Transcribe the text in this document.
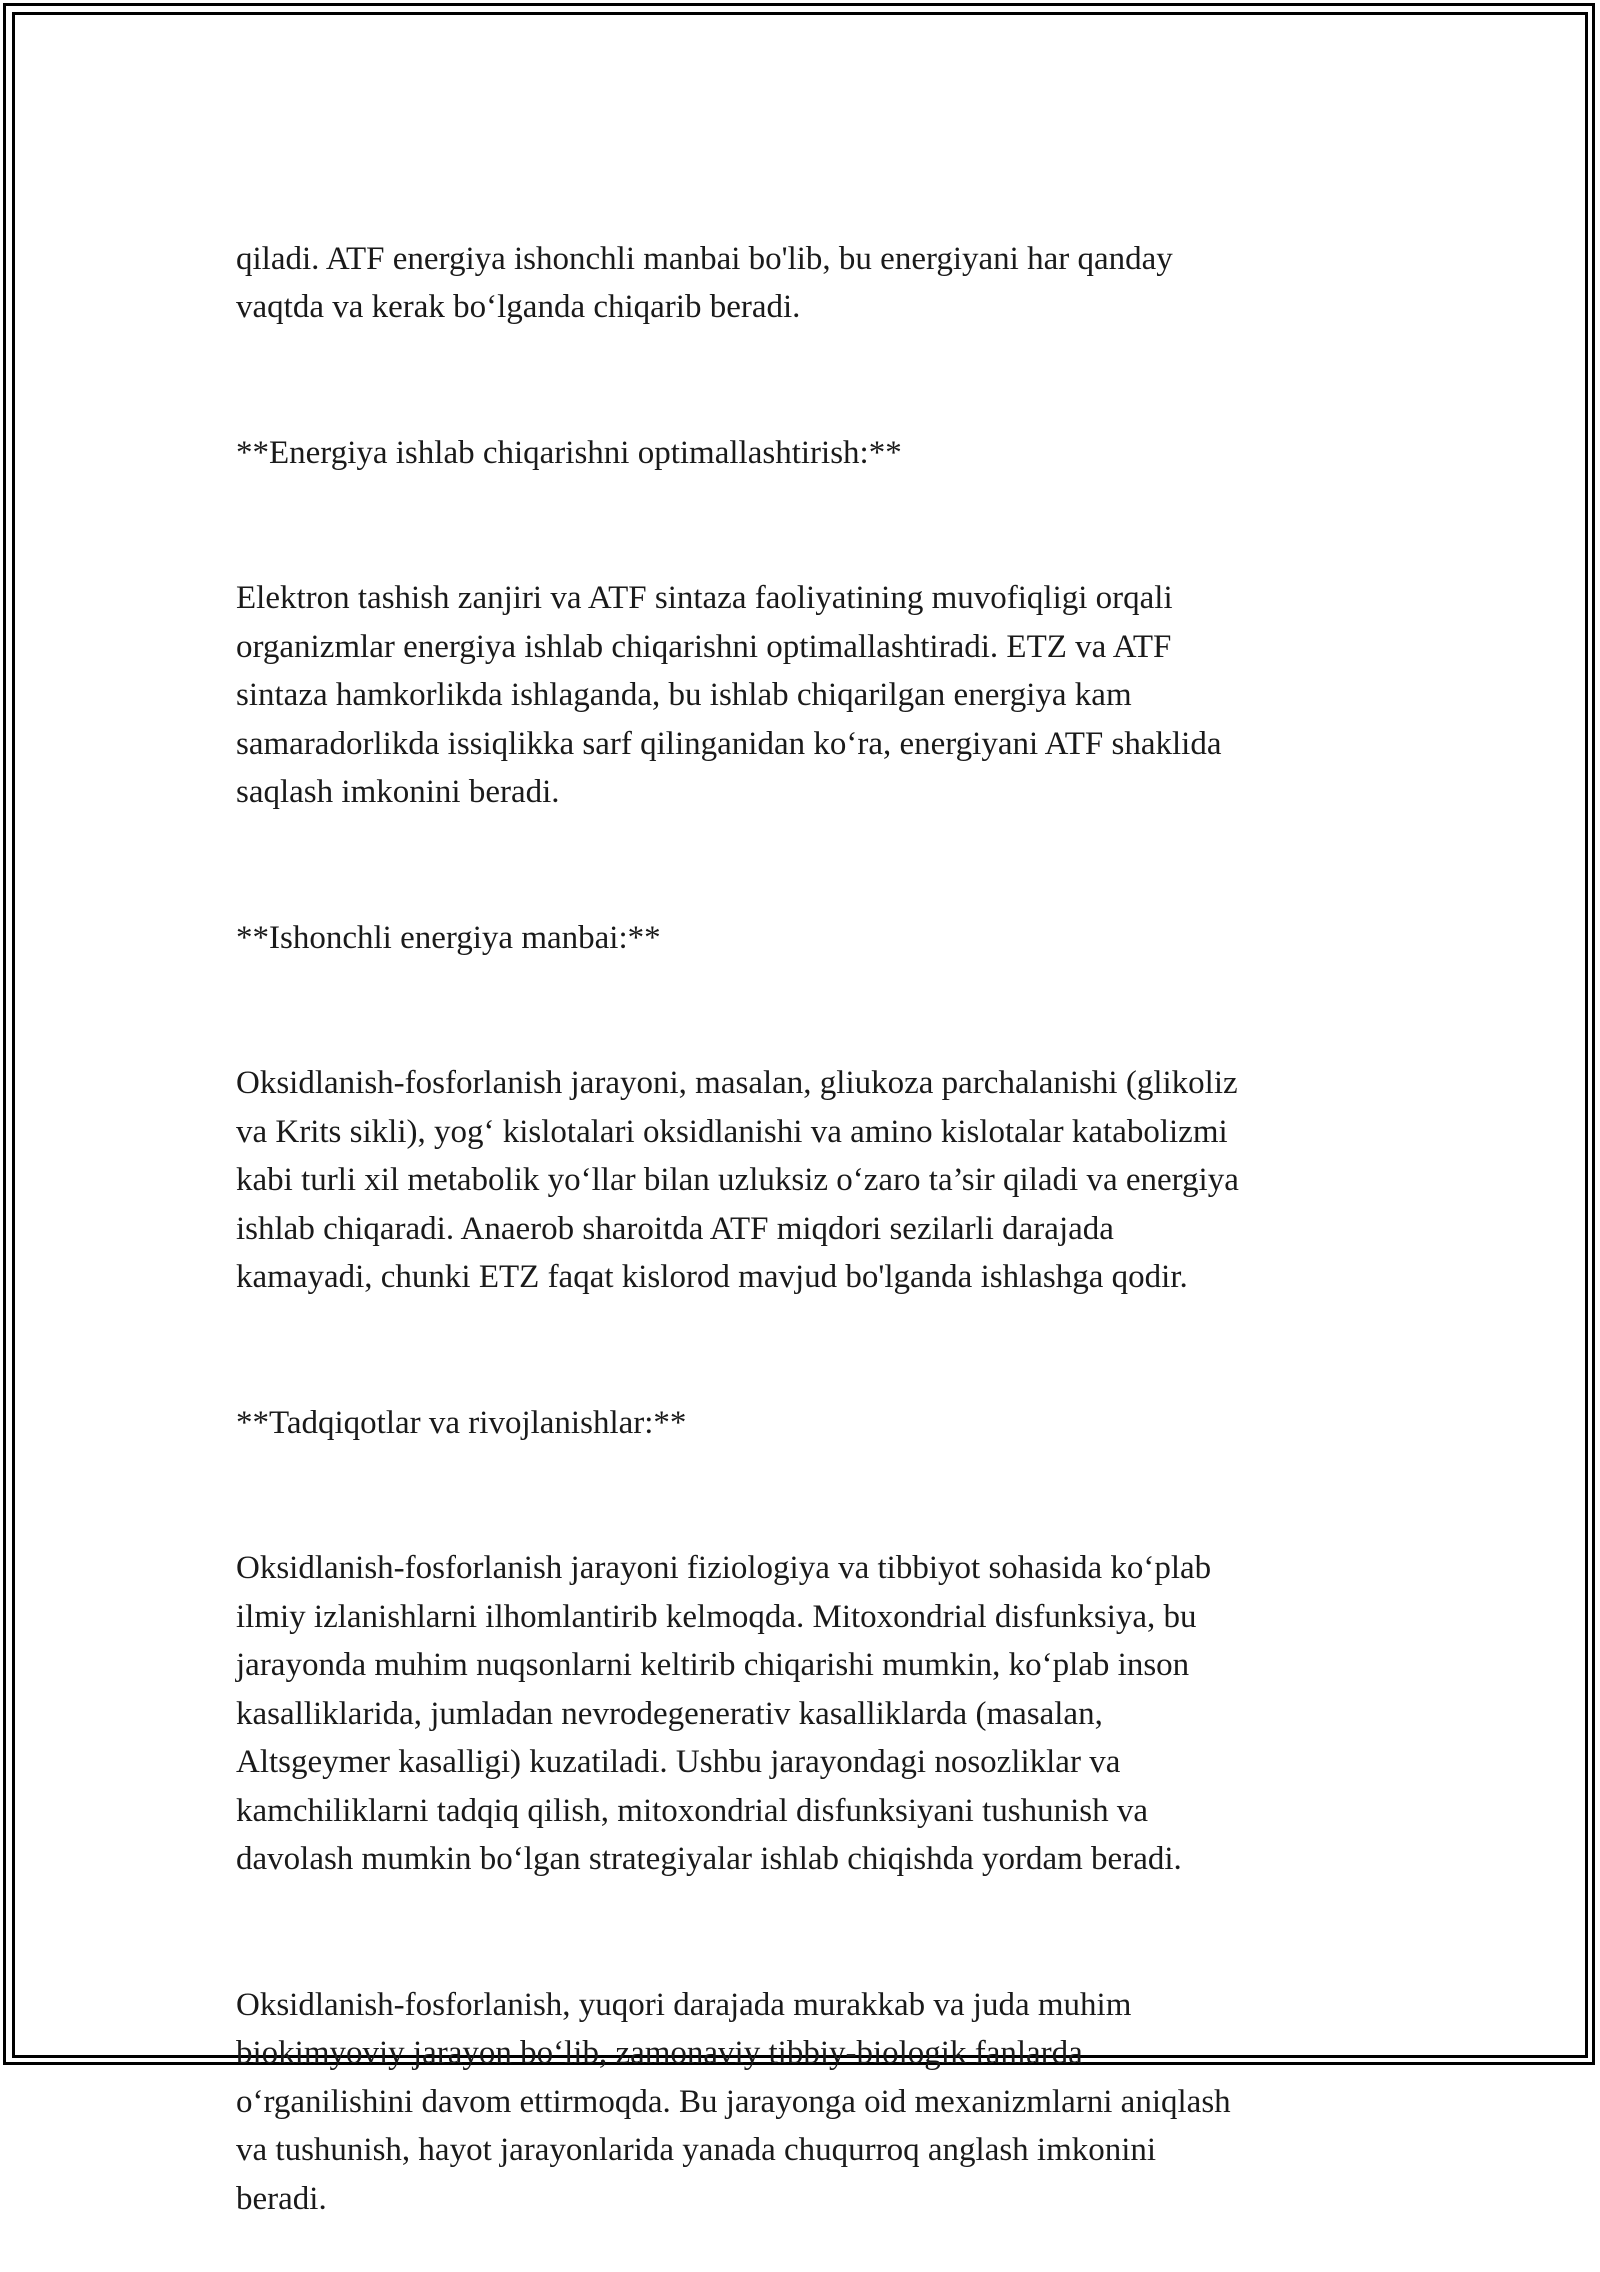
qiladi. ATF energiya ishonchli manbai bo'lib, bu energiyani har qanday
vaqtda va kerak bo‘lganda chiqarib beradi.

**Energiya ishlab chiqarishni optimallashtirish:**

Elektron tashish zanjiri va ATF sintaza faoliyatining muvofiqligi orqali
organizmlar energiya ishlab chiqarishni optimallashtiradi. ETZ va ATF
sintaza hamkorlikda ishlaganda, bu ishlab chiqarilgan energiya kam
samaradorlikda issiqlikka sarf qilinganidan ko‘ra, energiyani ATF shaklida
saqlash imkonini beradi.

**Ishonchli energiya manbai:**

Oksidlanish-fosforlanish jarayoni, masalan, gliukoza parchalanishi (glikoliz
va Krits sikli), yog‘ kislotalari oksidlanishi va amino kislotalar katabolizmi
kabi turli xil metabolik yo‘llar bilan uzluksiz o‘zaro ta’sir qiladi va energiya
ishlab chiqaradi. Anaerob sharoitda ATF miqdori sezilarli darajada
kamayadi, chunki ETZ faqat kislorod mavjud bo'lganda ishlashga qodir.

**Tadqiqotlar va rivojlanishlar:**

Oksidlanish-fosforlanish jarayoni fiziologiya va tibbiyot sohasida ko‘plab
ilmiy izlanishlarni ilhomlantirib kelmoqda. Mitoxondrial disfunksiya, bu
jarayonda muhim nuqsonlarni keltirib chiqarishi mumkin, ko‘plab inson
kasalliklarida, jumladan nevrodegenerativ kasalliklarda (masalan,
Altsgeymer kasalligi) kuzatiladi. Ushbu jarayondagi nosozliklar va
kamchiliklarni tadqiq qilish, mitoxondrial disfunksiyani tushunish va
davolash mumkin bo‘lgan strategiyalar ishlab chiqishda yordam beradi.

Oksidlanish-fosforlanish, yuqori darajada murakkab va juda muhim
biokimyoviy jarayon bo‘lib, zamonaviy tibbiy-biologik fanlarda
o‘rganilishini davom ettirmoqda. Bu jarayonga oid mexanizmlarni aniqlash
va tushunish, hayot jarayonlarida yanada chuqurroq anglash imkonini
beradi.
